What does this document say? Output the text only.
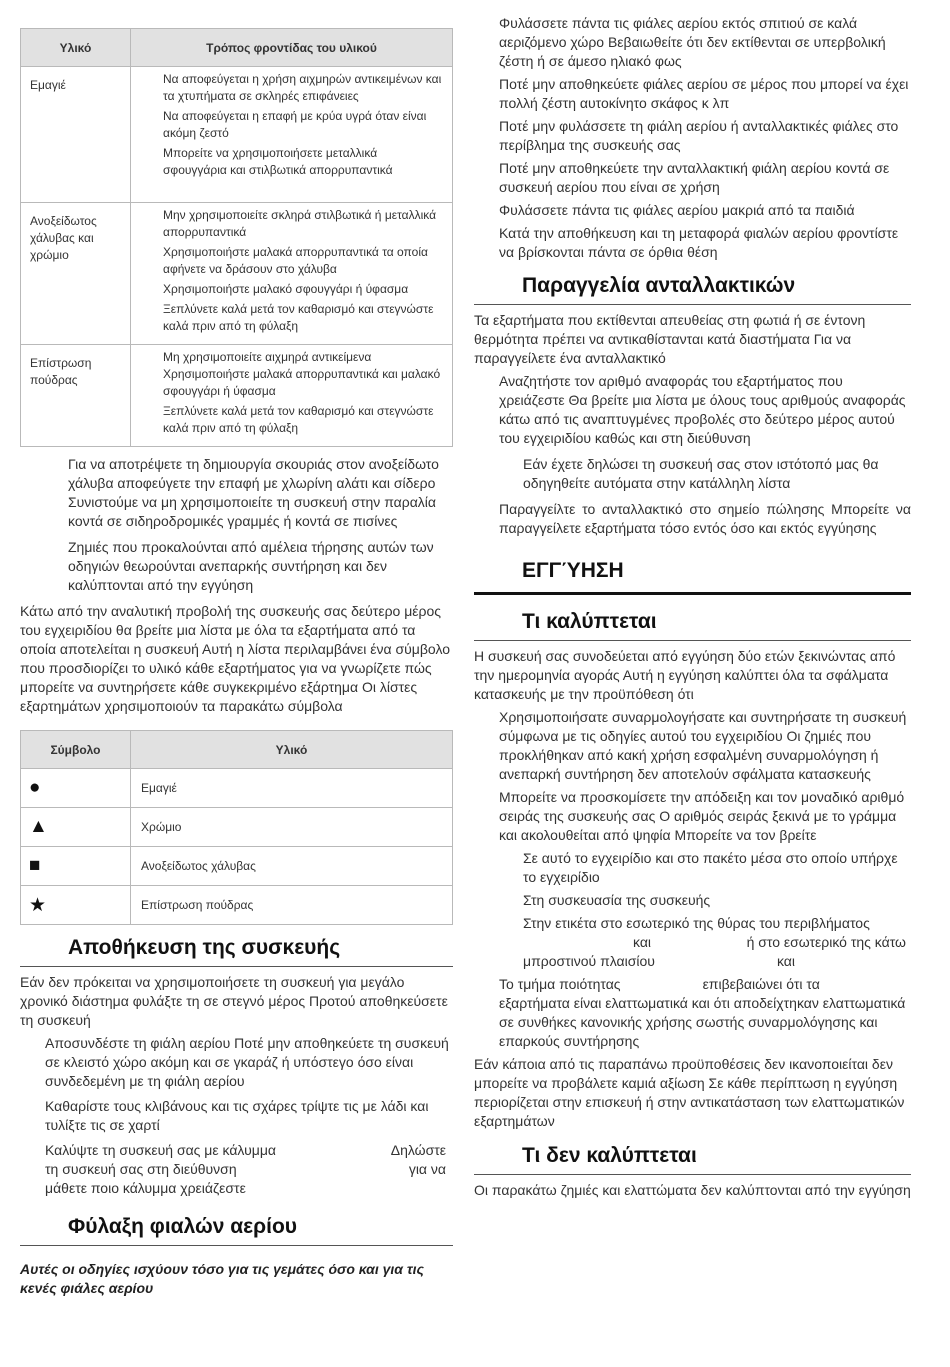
Υλικό	Τρόπος φροντίδας του υλικού
Εμαγιέ	Να αποφεύγεται η χρήση αιχμηρών αντικειμένων και τα χτυπήματα σε σκληρές επιφάνειες
Να αποφεύγεται η επαφή με κρύα υγρά όταν είναι ακόμη ζεστό
Μπορείτε να χρησιμοποιήσετε μεταλλικά σφουγγάρια και στιλβωτικά απορρυπαντικά

Ανοξείδωτος χάλυβας και χρώμιο	Μην χρησιμοποιείτε σκληρά στιλβωτικά ή μεταλλικά απορρυπαντικά
Χρησιμοποιήστε μαλακά απορρυπαντικά τα οποία αφήνετε να δράσουν στο χάλυβα
Χρησιμοποιήστε μαλακό σφουγγάρι ή ύφασμα
Ξεπλύνετε καλά μετά τον καθαρισμό και στεγνώστε καλά πριν από τη φύλαξη

Επίστρωση πούδρας	Μη χρησιμοποιείτε αιχμηρά αντικείμενα
Χρησιμοποιήστε μαλακά απορρυπαντικά και μαλακό σφουγγάρι ή ύφασμα
Ξεπλύνετε καλά μετά τον καθαρισμό και στεγνώστε καλά πριν από τη φύλαξη

Για να αποτρέψετε τη δημιουργία σκουριάς στον ανοξείδωτο χάλυβα αποφεύγετε την επαφή με χλωρίνη αλάτι και σίδερο Συνιστούμε να μη χρησιμοποιείτε τη συσκευή στην παραλία κοντά σε σιδηροδρομικές γραμμές ή κοντά σε πισίνες

Ζημιές που προκαλούνται από αμέλεια τήρησης αυτών των οδηγιών θεωρούνται ανεπαρκής συντήρηση και δεν καλύπτονται από την εγγύηση

Κάτω από την αναλυτική προβολή της συσκευής σας δεύτερο μέρος του εγχειριδίου θα βρείτε μια λίστα με όλα τα εξαρτήματα από τα οποία αποτελείται η συσκευή Αυτή η λίστα περιλαμβάνει ένα σύμβολο που προσδιορίζει το υλικό κάθε εξαρτήματος για να γνωρίζετε πώς μπορείτε να συντηρήσετε κάθε συγκεκριμένο εξάρτημα Οι λίστες εξαρτημάτων χρησιμοποιούν τα παρακάτω σύμβολα

Σύμβολο	Υλικό
●	Εμαγιέ
▲	Χρώμιο
■	Ανοξείδωτος χάλυβας
★	Επίστρωση πούδρας
Αποθήκευση της συσκευής

Εάν δεν πρόκειται να χρησιμοποιήσετε τη συσκευή για μεγάλο χρονικό διάστημα φυλάξτε τη σε στεγνό μέρος Προτού αποθηκεύσετε τη συσκευή

Αποσυνδέστε τη φιάλη αερίου Ποτέ μην αποθηκεύετε τη συσκευή σε κλειστό χώρο ακόμη και σε γκαράζ ή υπόστεγο όσο είναι συνδεδεμένη με τη φιάλη αερίου

Καθαρίστε τους κλιβάνους και τις σχάρες τρίψτε τις με λάδι και τυλίξτε τις σε χαρτί

Καλύψτε τη συσκευή σας με κάλυμμα	Δηλώστε
τη συσκευή σας στη διεύθυνση	για να
μάθετε ποιο κάλυμμα χρειάζεστε
Φύλαξη φιαλών αερίου

Αυτές οι οδηγίες ισχύουν τόσο για τις γεμάτες όσο και για τις κενές φιάλες αερίου

Φυλάσσετε πάντα τις φιάλες αερίου εκτός σπιτιού σε καλά αεριζόμενο χώρο Βεβαιωθείτε ότι δεν εκτίθενται σε υπερβολική ζέστη ή σε άμεσο ηλιακό φως

Ποτέ μην αποθηκεύετε φιάλες αερίου σε μέρος που μπορεί να έχει πολλή ζέστη αυτοκίνητο σκάφος κ λπ

Ποτέ μην φυλάσσετε τη φιάλη αερίου ή ανταλλακτικές φιάλες στο περίβλημα της συσκευής σας

Ποτέ μην αποθηκεύετε την ανταλλακτική φιάλη αερίου κοντά σε συσκευή αερίου που είναι σε χρήση

Φυλάσσετε πάντα τις φιάλες αερίου μακριά από τα παιδιά

Κατά την αποθήκευση και τη μεταφορά φιαλών αερίου φροντίστε να βρίσκονται πάντα σε όρθια θέση

Παραγγελία ανταλλακτικών

Τα εξαρτήματα που εκτίθενται απευθείας στη φωτιά ή σε έντονη θερμότητα πρέπει να αντικαθίστανται κατά διαστήματα Για να παραγγείλετε ένα ανταλλακτικό

Αναζητήστε τον αριθμό αναφοράς του εξαρτήματος που χρειάζεστε Θα βρείτε μια λίστα με όλους τους αριθμούς αναφοράς κάτω από τις αναπτυγμένες προβολές στο δεύτερο μέρος αυτού του εγχειριδίου καθώς και στη διεύθυνση

Εάν έχετε δηλώσει τη συσκευή σας στον ιστότοπό μας θα οδηγηθείτε αυτόματα στην κατάλληλη λίστα

Παραγγείλτε το ανταλλακτικό στο σημείο πώλησης Μπορείτε να παραγγείλετε εξαρτήματα τόσο εντός όσο και εκτός εγγύησης

ΕΓΓΎΗΣΗ
Τι καλύπτεται

Η συσκευή σας συνοδεύεται από εγγύηση δύο ετών ξεκινώντας από την ημερομηνία αγοράς Αυτή η εγγύηση καλύπτει όλα τα σφάλματα κατασκευής με την προϋπόθεση ότι

Χρησιμοποιήσατε συναρμολογήσατε και συντηρήσατε τη συσκευή σύμφωνα με τις οδηγίες αυτού του εγχειριδίου Οι ζημιές που προκλήθηκαν από κακή χρήση εσφαλμένη συναρμολόγηση ή ανεπαρκή συντήρηση δεν αποτελούν σφάλματα κατασκευής

Μπορείτε να προσκομίσετε την απόδειξη και τον μοναδικό αριθμό σειράς της συσκευής σας Ο αριθμός σειράς ξεκινά με το γράμμα και ακολουθείται από ψηφία Μπορείτε να τον βρείτε

Σε αυτό το εγχειρίδιο και στο πακέτο μέσα στο οποίο υπήρχε το εγχειρίδιο

Στη συσκευασία της συσκευής

Στην ετικέτα στο εσωτερικό της θύρας του περιβλήματος
και	ή στο εσωτερικό της κάτω
μπροστινού πλαισίου	και
Το τμήμα ποιότητας	επιβεβαιώνει ότι τα
εξαρτήματα είναι ελαττωματικά και ότι αποδείχτηκαν ελαττωματικά σε συνθήκες κανονικής χρήσης σωστής συναρμολόγησης και επαρκούς συντήρησης

Εάν κάποια από τις παραπάνω προϋποθέσεις δεν ικανοποιείται δεν μπορείτε να προβάλετε καμιά αξίωση Σε κάθε περίπτωση η εγγύηση περιορίζεται στην επισκευή ή στην αντικατάσταση των ελαττωματικών εξαρτημάτων

Τι δεν καλύπτεται

Οι παρακάτω ζημιές και ελαττώματα δεν καλύπτονται από την εγγύηση
